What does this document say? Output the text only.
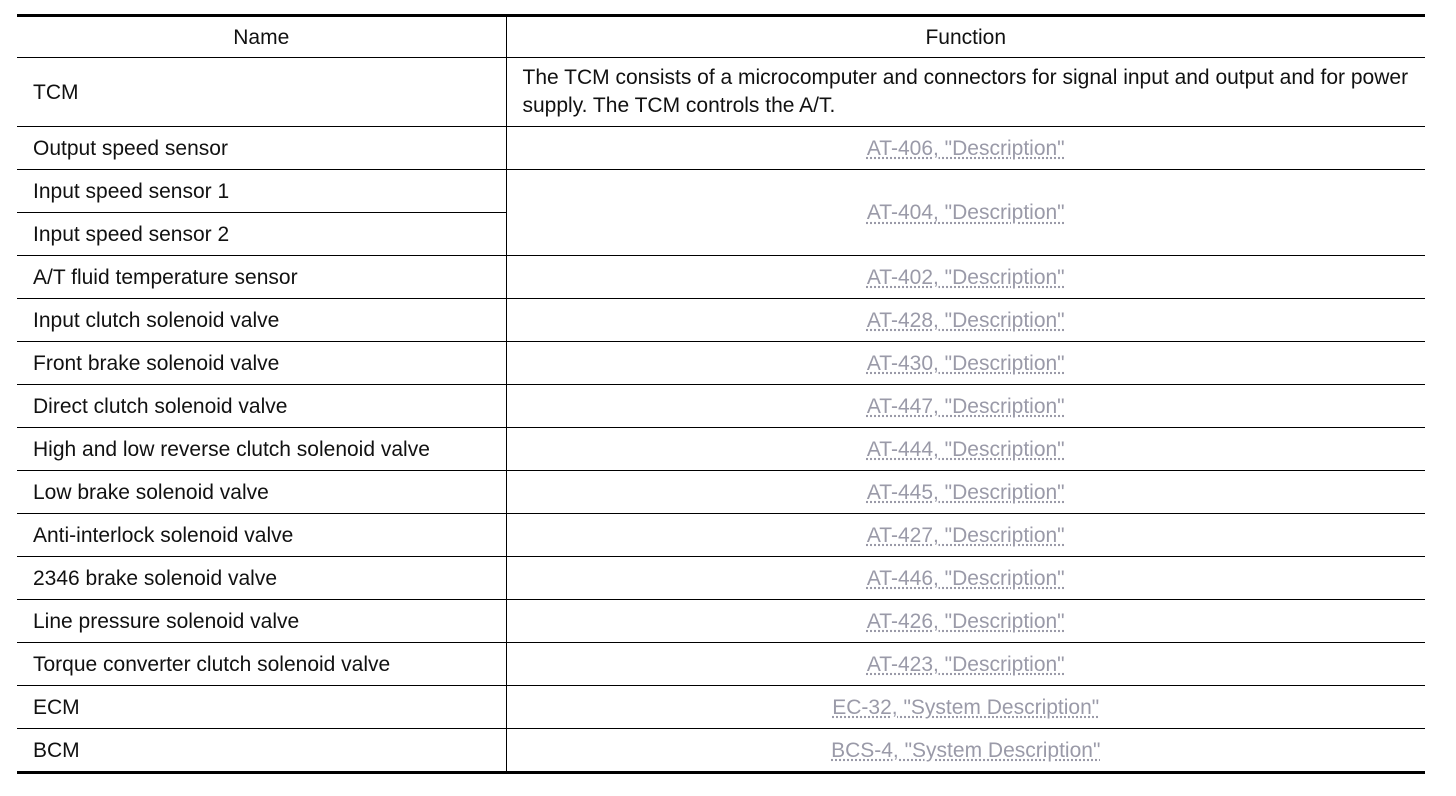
Name	Function
TCM	The TCM consists of a microcomputer and connectors for signal input and output and for power supply. The TCM controls the A/T.
Output speed sensor	AT-406, "Description"
Input speed sensor 1	AT-404, "Description"
Input speed sensor 2	
A/T fluid temperature sensor	AT-402, "Description"
Input clutch solenoid valve	AT-428, "Description"
Front brake solenoid valve	AT-430, "Description"
Direct clutch solenoid valve	AT-447, "Description"
High and low reverse clutch solenoid valve	AT-444, "Description"
Low brake solenoid valve	AT-445, "Description"
Anti-interlock solenoid valve	AT-427, "Description"
2346 brake solenoid valve	AT-446, "Description"
Line pressure solenoid valve	AT-426, "Description"
Torque converter clutch solenoid valve	AT-423, "Description"
ECM	EC-32, "System Description"
BCM	BCS-4, "System Description"
